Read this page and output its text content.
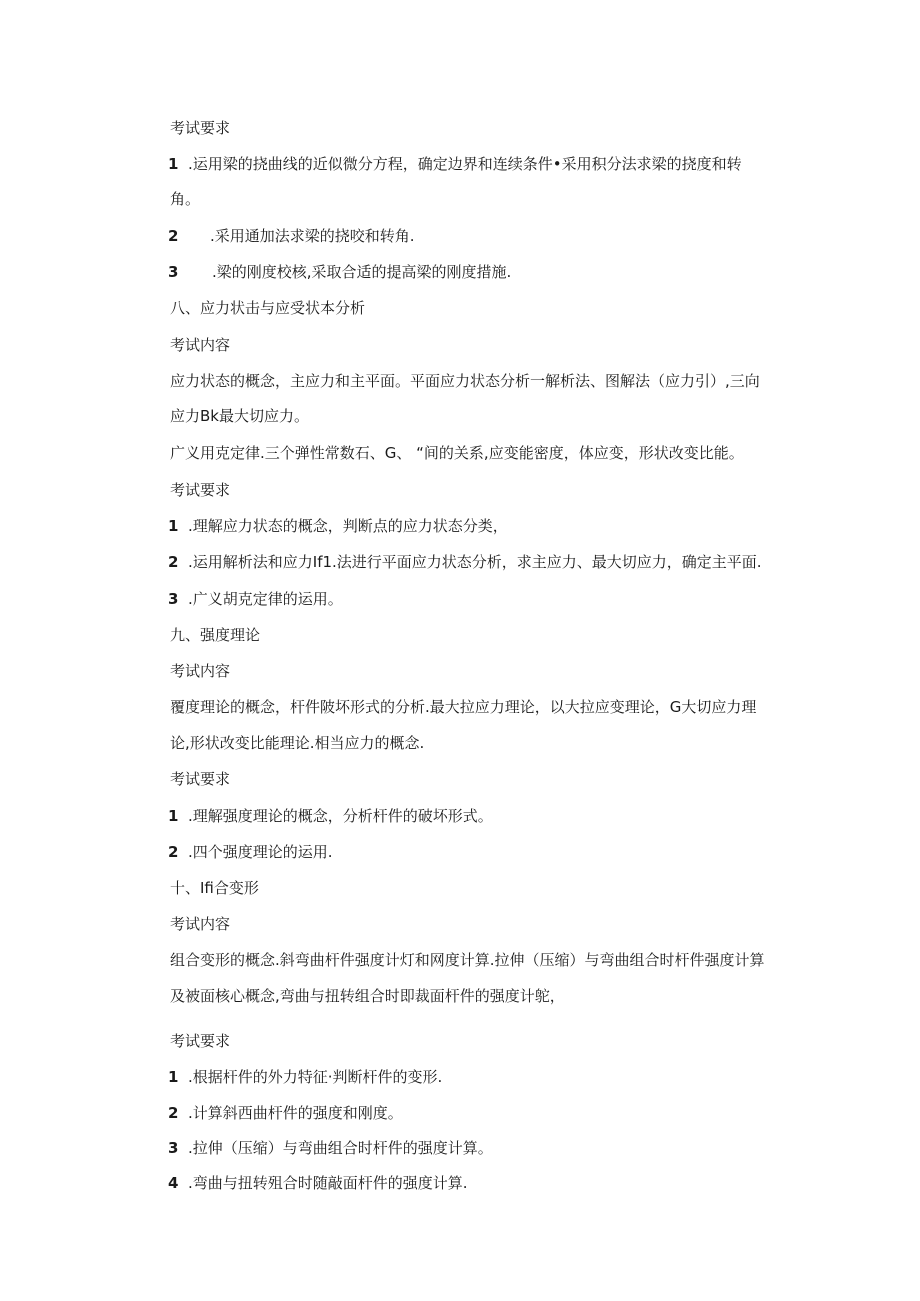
考试要求
1 .运用梁的挠曲线的近似微分方程，确定边界和连续条件•采用积分法求梁的挠度和转
角。
2 .采用通加法求梁的挠咬和转角.
3 .梁的刚度校核,采取合适的提高梁的刚度措施.
八、应力状击与应受状本分析
考试内容
应力状态的概念，主应力和主平面。平面应力状态分析一解析法、图解法（应力引）,三向
应力Bk最大切应力。
广义用克定律.三个弹性常数石、G、 “间的关系,应变能密度，体应变，形状改变比能。
考试要求
1 .理解应力状态的概念，判断点的应力状态分类，
2 .运用解析法和应力If1.法进行平面应力状态分析，求主应力、最大切应力，确定主平面.
3 .广义胡克定律的运用。
九、强度理论
考试内容
覆度理论的概念，杆件陂坏形式的分析.最大拉应力理论，以大拉应变理论，G大切应力理
论,形状改变比能理论.相当应力的概念.
考试要求
1 .理解强度理论的概念，分析杆件的破坏形式。
2 .四个强度理论的运用.
十、Ifi合变形
考试内容
组合变形的概念.斜弯曲杆件强度计灯和网度计算.拉伸（压缩）与弯曲组合时杆件强度计算
及被面核心概念,弯曲与扭转组合时即裁面杆件的强度计鸵，
考试要求
1 .根据杆件的外力特征·判断杆件的变形.
2 .计算斜西曲杆件的强度和刚度。
3 .拉伸（压缩）与弯曲组合时杆件的强度计算。
4 .弯曲与扭转殂合时随敲面杆件的强度计算.
